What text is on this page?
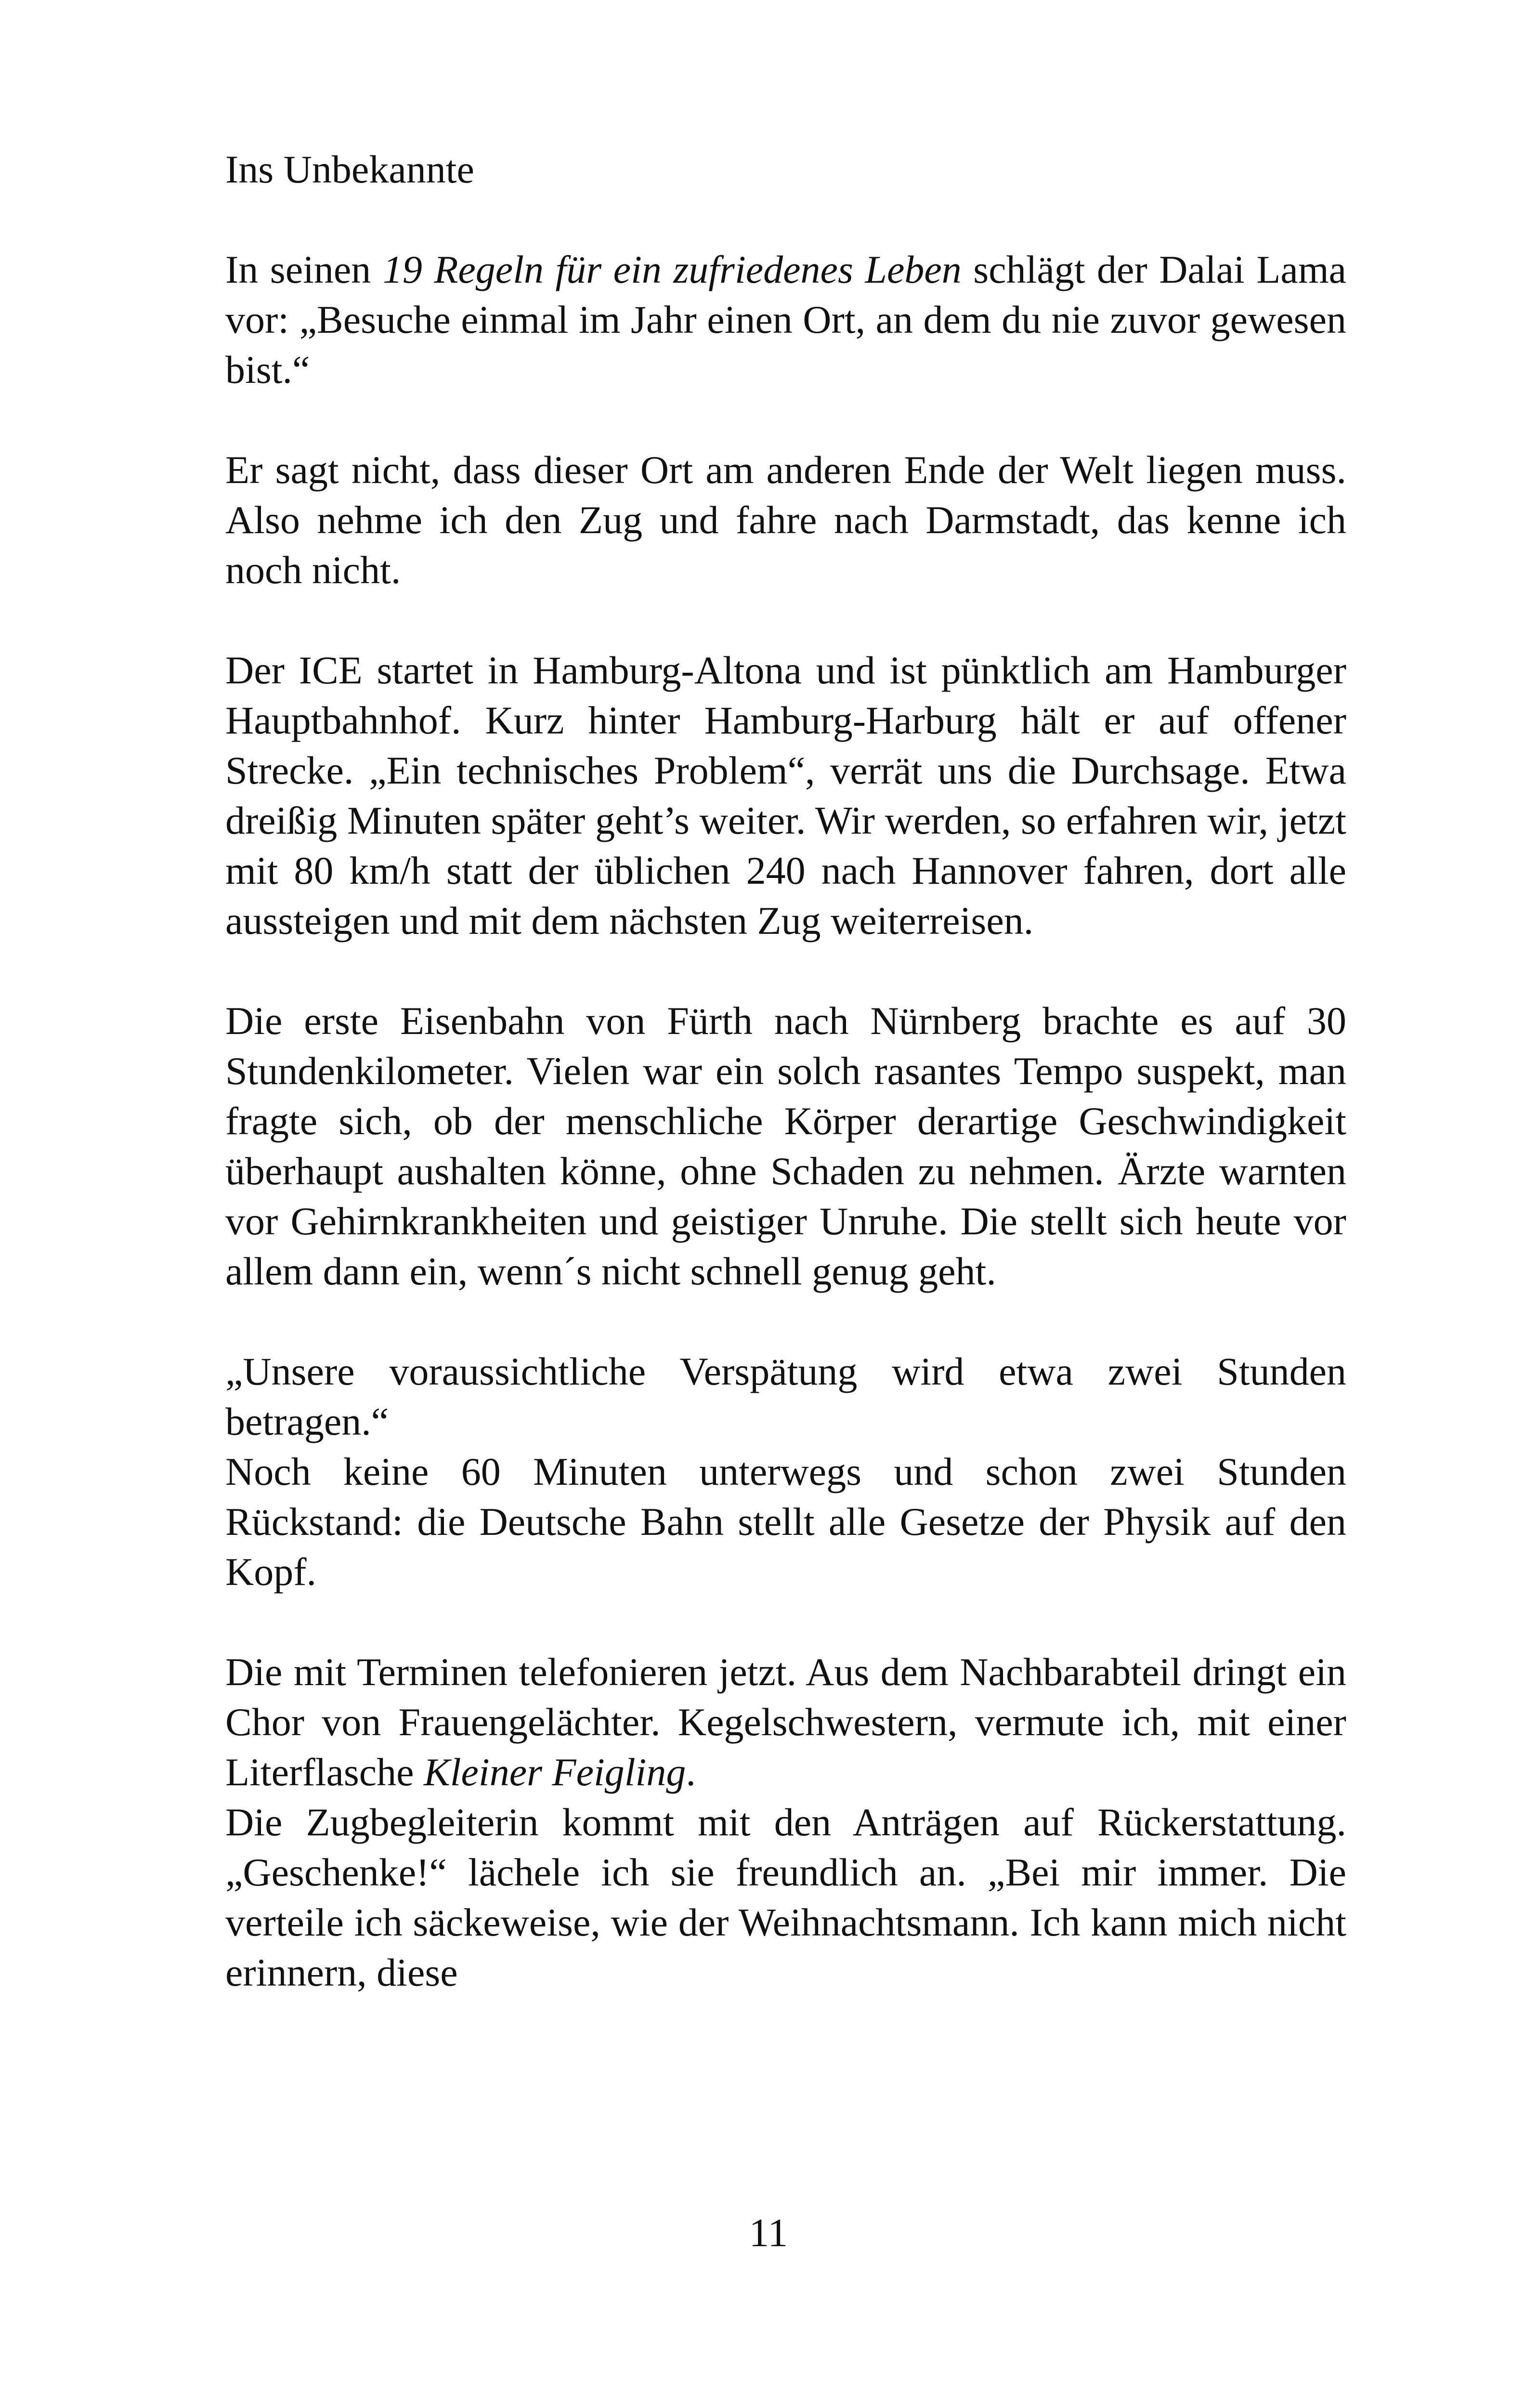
Ins Unbekannte

In seinen 19 Regeln für ein zufriedenes Leben schlägt der Dalai Lama vor: „Besuche einmal im Jahr einen Ort, an dem du nie zuvor gewesen bist.“

Er sagt nicht, dass dieser Ort am anderen Ende der Welt liegen muss. Also nehme ich den Zug und fahre nach Darmstadt, das kenne ich noch nicht.

Der ICE startet in Hamburg-Altona und ist pünktlich am Hamburger Hauptbahnhof. Kurz hinter Hamburg-Harburg hält er auf offener Strecke. „Ein technisches Problem“, verrät uns die Durchsage. Etwa dreißig Minuten später geht’s weiter. Wir werden, so erfahren wir, jetzt mit 80 km/h statt der üblichen 240 nach Hannover fahren, dort alle aussteigen und mit dem nächsten Zug weiterreisen.

Die erste Eisenbahn von Fürth nach Nürnberg brachte es auf 30 Stundenkilometer. Vielen war ein solch rasantes Tempo suspekt, man fragte sich, ob der menschliche Körper derartige Geschwindigkeit überhaupt aushalten könne, ohne Schaden zu nehmen. Ärzte warnten vor Gehirnkrankheiten und geistiger Unruhe. Die stellt sich heute vor allem dann ein, wenn´s nicht schnell genug geht.

„Unsere voraussichtliche Verspätung wird etwa zwei Stunden betragen.“

Noch keine 60 Minuten unterwegs und schon zwei Stunden Rückstand: die Deutsche Bahn stellt alle Gesetze der Physik auf den Kopf.

Die mit Terminen telefonieren jetzt. Aus dem Nachbarabteil dringt ein Chor von Frauengelächter. Kegelschwestern, vermute ich, mit einer Literflasche Kleiner Feigling.

Die Zugbegleiterin kommt mit den Anträgen auf Rückerstattung. „Geschenke!“ lächele ich sie freundlich an. „Bei mir immer. Die verteile ich säckeweise, wie der Weihnachtsmann. Ich kann mich nicht erinnern, diese

11
